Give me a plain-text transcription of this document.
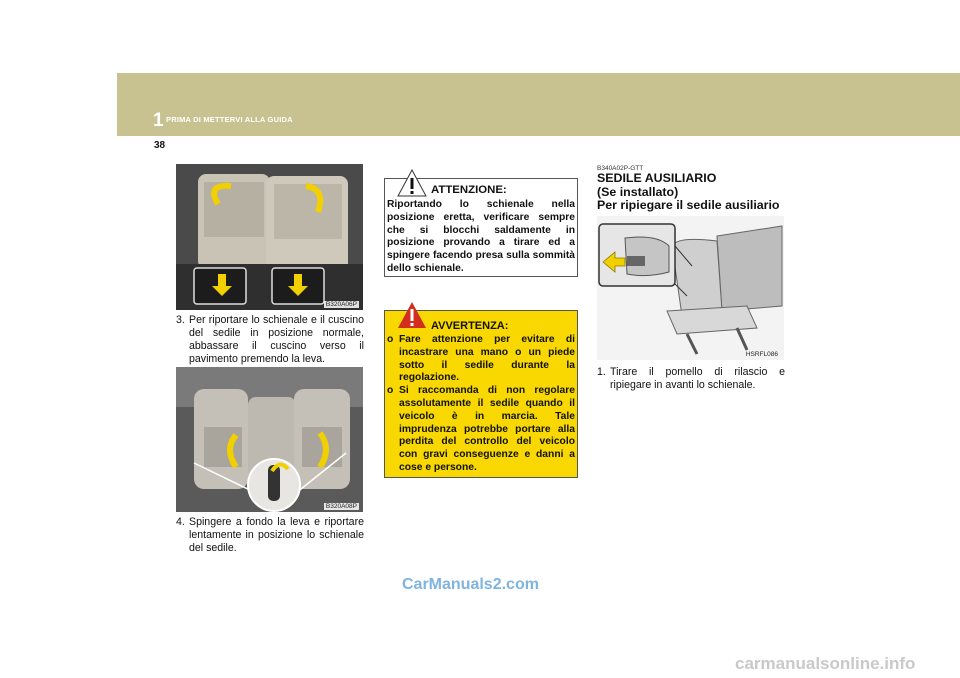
1 PRIMA DI METTERVI ALLA GUIDA
38
B320A06P
3. Per riportare lo schienale e il cuscino del sedile in posizione normale, abbassare il cuscino verso il pavimento premendo la leva.
B320A08P
4. Spingere a fondo la leva e riportare lentamente in posizione lo schienale del sedile.
ATTENZIONE:
Riportando lo schienale nella posizione eretta, verificare sempre che si blocchi saldamente in posizione provando a tirare ed a spingere facendo presa sulla sommità dello schienale.
AVVERTENZA:
o Fare attenzione per evitare di incastrare una mano o un piede sotto il sedile durante la regolazione.
o Si raccomanda di non regolare assolutamente il sedile quando il veicolo è in marcia. Tale imprudenza potrebbe portare alla perdita del controllo del veicolo con gravi conseguenze e danni a cose e persone.
B340A02P-GTT
SEDILE AUSILIARIO
(Se installato)
Per ripiegare il sedile ausiliario
HSRFL086
1. Tirare il pomello di rilascio e ripiegare in avanti lo schienale.
CarManuals2.com
carmanualsonline.info
